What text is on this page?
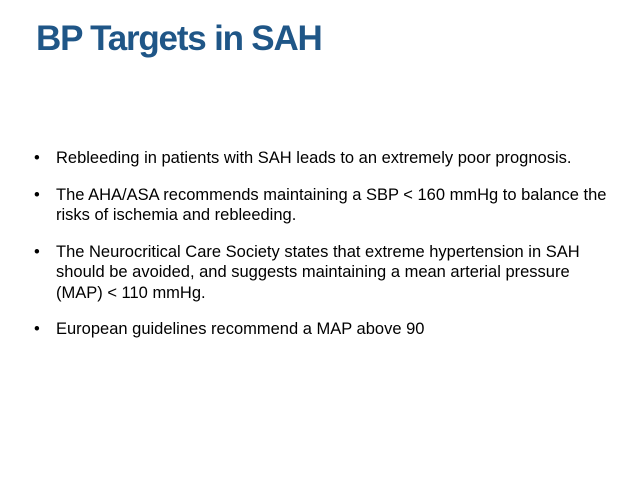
BP Targets in SAH
• Rebleeding in patients with SAH leads to an extremely poor prognosis.
• The AHA/ASA recommends maintaining a SBP < 160 mmHg to balance the risks of ischemia and rebleeding.
• The Neurocritical Care Society states that extreme hypertension in SAH should be avoided, and suggests maintaining a mean arterial pressure (MAP) < 110 mmHg.
• European guidelines recommend a MAP above 90
